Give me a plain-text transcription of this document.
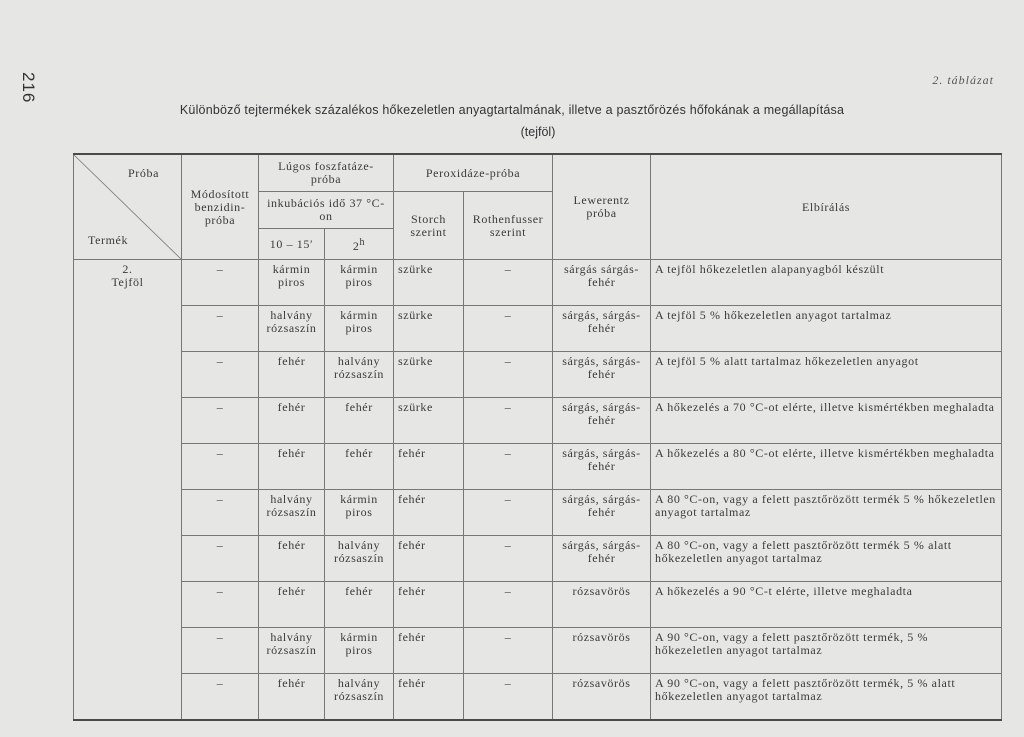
216	2. táblázat
Különböző tejtermékek százalékos hőkezeletlen anyagtartalmának, illetve a pasztőrözés hőfokának a megállapítása
(tejföl)
Próba
Termék	Módosított benzidin-próba	Lúgos foszfatáze-próba		Peroxidáze-próba		Lewerentz próba	Elbírálás
		inkubációs idő 37 °C-on		Storch szerint	Rothenfusser szerint		
		10 – 15′	2$^h$

2.
Tejföl	–	kármin piros	kármin piros	szürke	–	sárgás sárgás-fehér	A tejföl hőkezeletlen alapanyagból készült
	–	halvány rózsaszín	kármin piros	szürke	–	sárgás, sárgás-fehér	A tejföl 5 % hőkezeletlen anyagot tartalmaz
	–	fehér	halvány rózsaszín	szürke	–	sárgás, sárgás-fehér	A tejföl 5 % alatt tartalmaz hőkezeletlen anyagot
	–	fehér	fehér	szürke	–	sárgás, sárgás-fehér	A hőkezelés a 70 °C-ot elérte, illetve kismértékben meghaladta
	–	fehér	fehér	fehér	–	sárgás, sárgás-fehér	A hőkezelés a 80 °C-ot elérte, illetve kismértékben meghaladta
	–	halvány rózsaszín	kármin piros	fehér	–	sárgás, sárgás-fehér	A 80 °C-on, vagy a felett pasztőrözött termék 5 % hőkezeletlen anyagot tartalmaz
	–	fehér	halvány rózsaszín	fehér	–	sárgás, sárgás-fehér	A 80 °C-on, vagy a felett pasztőrözött termék 5 % alatt hőkezeletlen anyagot tartalmaz
	–	fehér	fehér	fehér	–	rózsavörös	A hőkezelés a 90 °C-t elérte, illetve meghaladta
	–	halvány rózsaszín	kármin piros	fehér	–	rózsavörös	A 90 °C-on, vagy a felett pasztőrözött termék, 5 % hőkezeletlen anyagot tartalmaz
	–	fehér	halvány rózsaszín	fehér	–	rózsavörös	A 90 °C-on, vagy a felett pasztőrözött termék, 5 % alatt hőkezeletlen anyagot tartalmaz
